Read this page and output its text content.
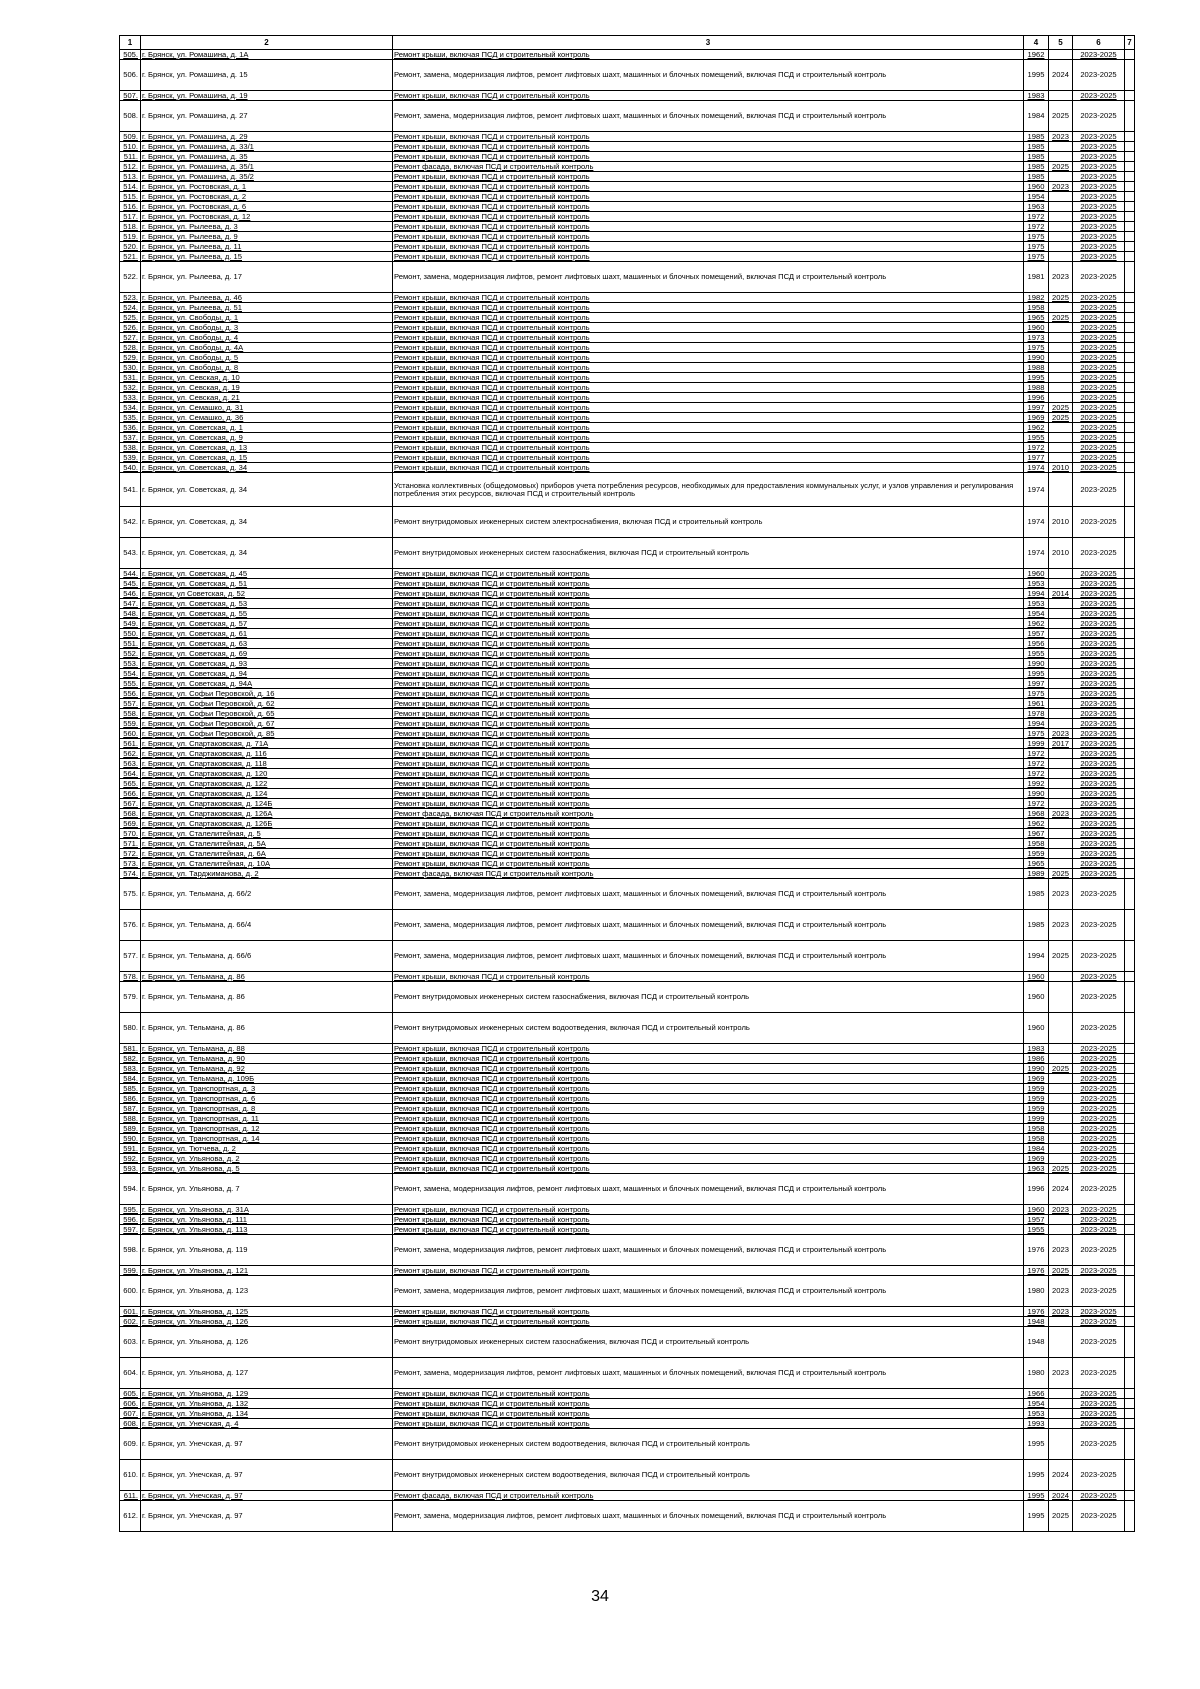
1	2	3	4	5	6	7
505.	г. Брянск, ул. Ромашина, д. 1А	Ремонт крыши, включая ПСД и строительный контроль	1962		2023-2025	
506.	г. Брянск, ул. Ромашина, д. 15	Ремонт, замена, модернизация лифтов, ремонт лифтовых шахт, машинных и блочных помещений, включая ПСД и строительный контроль	1995	2024	2023-2025	
507.	г. Брянск, ул. Ромашина, д. 19	Ремонт крыши, включая ПСД и строительный контроль	1983		2023-2025	
508.	г. Брянск, ул. Ромашина, д. 27	Ремонт, замена, модернизация лифтов, ремонт лифтовых шахт, машинных и блочных помещений, включая ПСД и строительный контроль	1984	2025	2023-2025	
509.	г. Брянск, ул. Ромашина, д. 29	Ремонт крыши, включая ПСД и строительный контроль	1985	2023	2023-2025	
510.	г. Брянск, ул. Ромашина, д. 33/1	Ремонт крыши, включая ПСД и строительный контроль	1985		2023-2025	
511.	г. Брянск, ул. Ромашина, д. 35	Ремонт крыши, включая ПСД и строительный контроль	1985		2023-2025	
512.	г. Брянск, ул. Ромашина, д. 35/1	Ремонт фасада, включая ПСД и строительный контроль	1985	2025	2023-2025	
513.	г. Брянск, ул. Ромашина, д. 35/2	Ремонт крыши, включая ПСД и строительный контроль	1985		2023-2025	
514.	г. Брянск, ул. Ростовская, д. 1	Ремонт крыши, включая ПСД и строительный контроль	1960	2023	2023-2025	
515.	г. Брянск, ул. Ростовская, д. 2	Ремонт крыши, включая ПСД и строительный контроль	1954		2023-2025	
516.	г. Брянск, ул. Ростовская, д. 6	Ремонт крыши, включая ПСД и строительный контроль	1963		2023-2025	
517.	г. Брянск, ул. Ростовская, д. 12	Ремонт крыши, включая ПСД и строительный контроль	1972		2023-2025	
518.	г. Брянск, ул. Рылеева, д. 3	Ремонт крыши, включая ПСД и строительный контроль	1972		2023-2025	
519.	г. Брянск, ул. Рылеева, д. 9	Ремонт крыши, включая ПСД и строительный контроль	1975		2023-2025	
520.	г. Брянск, ул. Рылеева, д. 11	Ремонт крыши, включая ПСД и строительный контроль	1975		2023-2025	
521.	г. Брянск, ул. Рылеева, д. 15	Ремонт крыши, включая ПСД и строительный контроль	1975		2023-2025	
522.	г. Брянск, ул. Рылеева, д. 17	Ремонт, замена, модернизация лифтов, ремонт лифтовых шахт, машинных и блочных помещений, включая ПСД и строительный контроль	1981	2023	2023-2025	
523.	г. Брянск, ул. Рылеева, д. 46	Ремонт крыши, включая ПСД и строительный контроль	1982	2025	2023-2025	
524.	г. Брянск, ул. Рылеева, д. 51	Ремонт крыши, включая ПСД и строительный контроль	1958		2023-2025	
525.	г. Брянск, ул. Свободы, д. 1	Ремонт крыши, включая ПСД и строительный контроль	1965	2025	2023-2025	
526.	г. Брянск, ул. Свободы, д. 3	Ремонт крыши, включая ПСД и строительный контроль	1960		2023-2025	
527.	г. Брянск, ул. Свободы, д. 4	Ремонт крыши, включая ПСД и строительный контроль	1973		2023-2025	
528.	г. Брянск, ул. Свободы, д. 4А	Ремонт крыши, включая ПСД и строительный контроль	1975		2023-2025	
529.	г. Брянск, ул. Свободы, д. 5	Ремонт крыши, включая ПСД и строительный контроль	1990		2023-2025	
530.	г. Брянск, ул. Свободы, д. 8	Ремонт крыши, включая ПСД и строительный контроль	1988		2023-2025	
531.	г. Брянск, ул. Севская, д. 10	Ремонт крыши, включая ПСД и строительный контроль	1995		2023-2025	
532.	г. Брянск, ул. Севская, д. 19	Ремонт крыши, включая ПСД и строительный контроль	1988		2023-2025	
533.	г. Брянск, ул. Севская, д. 21	Ремонт крыши, включая ПСД и строительный контроль	1996		2023-2025	
534.	г. Брянск, ул. Семашко, д. 31	Ремонт крыши, включая ПСД и строительный контроль	1997	2025	2023-2025	
535.	г. Брянск, ул. Семашко, д. 36	Ремонт крыши, включая ПСД и строительный контроль	1969	2025	2023-2025	
536.	г. Брянск, ул. Советская, д. 1	Ремонт крыши, включая ПСД и строительный контроль	1962		2023-2025	
537.	г. Брянск, ул. Советская, д. 9	Ремонт крыши, включая ПСД и строительный контроль	1955		2023-2025	
538.	г. Брянск, ул. Советская, д. 13	Ремонт крыши, включая ПСД и строительный контроль	1972		2023-2025	
539.	г. Брянск, ул. Советская, д. 15	Ремонт крыши, включая ПСД и строительный контроль	1977		2023-2025	
540.	г. Брянск, ул. Советская, д. 34	Ремонт крыши, включая ПСД и строительный контроль	1974	2010	2023-2025	
541.	г. Брянск, ул. Советская, д. 34	Установка коллективных (общедомовых) приборов учета потребления ресурсов, необходимых для предоставления коммунальных услуг, и узлов управления и регулирования потребления этих ресурсов, включая ПСД и строительный контроль	1974		2023-2025	
542.	г. Брянск, ул. Советская, д. 34	Ремонт внутридомовых инженерных систем электроснабжения, включая ПСД и строительный контроль	1974	2010	2023-2025	
543.	г. Брянск, ул. Советская, д. 34	Ремонт внутридомовых инженерных систем газоснабжения, включая ПСД и строительный контроль	1974	2010	2023-2025	
544.	г. Брянск, ул. Советская, д. 45	Ремонт крыши, включая ПСД и строительный контроль	1960		2023-2025	
545.	г. Брянск, ул. Советская, д. 51	Ремонт крыши, включая ПСД и строительный контроль	1953		2023-2025	
546.	г. Брянск, ул Советская, д. 52	Ремонт крыши, включая ПСД и строительный контроль	1994	2014	2023-2025	
547.	г. Брянск, ул. Советская, д. 53	Ремонт крыши, включая ПСД и строительный контроль	1953		2023-2025	
548.	г. Брянск, ул. Советская, д. 55	Ремонт крыши, включая ПСД и строительный контроль	1954		2023-2025	
549.	г. Брянск, ул. Советская, д. 57	Ремонт крыши, включая ПСД и строительный контроль	1962		2023-2025	
550.	г. Брянск, ул. Советская, д. 61	Ремонт крыши, включая ПСД и строительный контроль	1957		2023-2025	
551.	г. Брянск, ул. Советская, д. 63	Ремонт крыши, включая ПСД и строительный контроль	1956		2023-2025	
552.	г. Брянск, ул. Советская, д. 69	Ремонт крыши, включая ПСД и строительный контроль	1955		2023-2025	
553.	г. Брянск, ул. Советская, д. 93	Ремонт крыши, включая ПСД и строительный контроль	1990		2023-2025	
554.	г. Брянск, ул. Советская, д. 94	Ремонт крыши, включая ПСД и строительный контроль	1995		2023-2025	
555.	г. Брянск, ул. Советская, д. 94А	Ремонт крыши, включая ПСД и строительный контроль	1997		2023-2025	
556.	г. Брянск, ул. Софьи Перовской, д. 16	Ремонт крыши, включая ПСД и строительный контроль	1975		2023-2025	
557.	г. Брянск, ул. Софьи Перовской, д. 62	Ремонт крыши, включая ПСД и строительный контроль	1961		2023-2025	
558.	г. Брянск, ул. Софьи Перовской, д. 65	Ремонт крыши, включая ПСД и строительный контроль	1978		2023-2025	
559.	г. Брянск, ул. Софьи Перовской, д. 67	Ремонт крыши, включая ПСД и строительный контроль	1994		2023-2025	
560.	г. Брянск, ул. Софьи Перовской, д. 85	Ремонт крыши, включая ПСД и строительный контроль	1975	2023	2023-2025	
561.	г. Брянск, ул. Спартаковская, д. 71А	Ремонт крыши, включая ПСД и строительный контроль	1999	2017	2023-2025	
562.	г. Брянск, ул. Спартаковская, д. 116	Ремонт крыши, включая ПСД и строительный контроль	1972		2023-2025	
563.	г. Брянск, ул. Спартаковская, д. 118	Ремонт крыши, включая ПСД и строительный контроль	1972		2023-2025	
564.	г. Брянск, ул. Спартаковская, д. 120	Ремонт крыши, включая ПСД и строительный контроль	1972		2023-2025	
565.	г. Брянск, ул. Спартаковская, д. 122	Ремонт крыши, включая ПСД и строительный контроль	1992		2023-2025	
566.	г. Брянск, ул. Спартаковская, д. 124	Ремонт крыши, включая ПСД и строительный контроль	1990		2023-2025	
567.	г. Брянск, ул. Спартаковская, д. 124Б	Ремонт крыши, включая ПСД и строительный контроль	1972		2023-2025	
568.	г. Брянск, ул. Спартаковская, д. 126А	Ремонт фасада, включая ПСД и строительный контроль	1968	2023	2023-2025	
569.	г. Брянск, ул. Спартаковская, д. 126Б	Ремонт крыши, включая ПСД и строительный контроль	1962		2023-2025	
570.	г. Брянск, ул. Сталелитейная, д. 5	Ремонт крыши, включая ПСД и строительный контроль	1967		2023-2025	
571.	г. Брянск, ул. Сталелитейная, д. 5А	Ремонт крыши, включая ПСД и строительный контроль	1958		2023-2025	
572.	г. Брянск, ул. Сталелитейная, д. 6А	Ремонт крыши, включая ПСД и строительный контроль	1959		2023-2025	
573.	г. Брянск, ул. Сталелитейная, д. 10А	Ремонт крыши, включая ПСД и строительный контроль	1965		2023-2025	
574.	г. Брянск, ул. Тарджиманова, д. 2	Ремонт фасада, включая ПСД и строительный контроль	1989	2025	2023-2025	
575.	г. Брянск, ул. Тельмана, д. 66/2	Ремонт, замена, модернизация лифтов, ремонт лифтовых шахт, машинных и блочных помещений, включая ПСД и строительный контроль	1985	2023	2023-2025	
576.	г. Брянск, ул. Тельмана, д. 66/4	Ремонт, замена, модернизация лифтов, ремонт лифтовых шахт, машинных и блочных помещений, включая ПСД и строительный контроль	1985	2023	2023-2025	
577.	г. Брянск, ул. Тельмана, д. 66/6	Ремонт, замена, модернизация лифтов, ремонт лифтовых шахт, машинных и блочных помещений, включая ПСД и строительный контроль	1994	2025	2023-2025	
578.	г. Брянск, ул. Тельмана, д. 86	Ремонт крыши, включая ПСД и строительный контроль	1960		2023-2025	
579.	г. Брянск, ул. Тельмана, д. 86	Ремонт внутридомовых инженерных систем газоснабжения, включая ПСД и строительный контроль	1960		2023-2025	
580.	г. Брянск, ул. Тельмана, д. 86	Ремонт внутридомовых инженерных систем водоотведения, включая ПСД и строительный контроль	1960		2023-2025	
581.	г. Брянск, ул. Тельмана, д. 88	Ремонт крыши, включая ПСД и строительный контроль	1983		2023-2025	
582.	г. Брянск, ул. Тельмана, д. 90	Ремонт крыши, включая ПСД и строительный контроль	1986		2023-2025	
583.	г. Брянск, ул. Тельмана, д. 92	Ремонт крыши, включая ПСД и строительный контроль	1990	2025	2023-2025	
584.	г. Брянск, ул. Тельмана, д. 109Б	Ремонт крыши, включая ПСД и строительный контроль	1969		2023-2025	
585.	г. Брянск, ул. Транспортная, д. 3	Ремонт крыши, включая ПСД и строительный контроль	1959		2023-2025	
586.	г. Брянск, ул. Транспортная, д. 6	Ремонт крыши, включая ПСД и строительный контроль	1959		2023-2025	
587.	г. Брянск, ул. Транспортная, д. 8	Ремонт крыши, включая ПСД и строительный контроль	1959		2023-2025	
588.	г. Брянск, ул. Транспортная, д. 11	Ремонт крыши, включая ПСД и строительный контроль	1999		2023-2025	
589.	г. Брянск, ул. Транспортная, д. 12	Ремонт крыши, включая ПСД и строительный контроль	1958		2023-2025	
590.	г. Брянск, ул. Транспортная, д. 14	Ремонт крыши, включая ПСД и строительный контроль	1958		2023-2025	
591.	г. Брянск, ул. Тютчева, д. 2	Ремонт крыши, включая ПСД и строительный контроль	1984		2023-2025	
592.	г. Брянск, ул. Ульянова, д. 2	Ремонт крыши, включая ПСД и строительный контроль	1969		2023-2025	
593.	г. Брянск, ул. Ульянова, д. 5	Ремонт крыши, включая ПСД и строительный контроль	1963	2025	2023-2025	
594.	г. Брянск, ул. Ульянова, д. 7	Ремонт, замена, модернизация лифтов, ремонт лифтовых шахт, машинных и блочных помещений, включая ПСД и строительный контроль	1996	2024	2023-2025	
595.	г. Брянск, ул. Ульянова, д. 31А	Ремонт крыши, включая ПСД и строительный контроль	1960	2023	2023-2025	
596.	г. Брянск, ул. Ульянова, д. 111	Ремонт крыши, включая ПСД и строительный контроль	1957		2023-2025	
597.	г. Брянск, ул. Ульянова, д. 113	Ремонт крыши, включая ПСД и строительный контроль	1955		2023-2025	
598.	г. Брянск, ул. Ульянова, д. 119	Ремонт, замена, модернизация лифтов, ремонт лифтовых шахт, машинных и блочных помещений, включая ПСД и строительный контроль	1976	2023	2023-2025	
599.	г. Брянск, ул. Ульянова, д. 121	Ремонт крыши, включая ПСД и строительный контроль	1976	2025	2023-2025	
600.	г. Брянск, ул. Ульянова, д. 123	Ремонт, замена, модернизация лифтов, ремонт лифтовых шахт, машинных и блочных помещений, включая ПСД и строительный контроль	1980	2023	2023-2025	
601.	г. Брянск, ул. Ульянова, д. 125	Ремонт крыши, включая ПСД и строительный контроль	1976	2023	2023-2025	
602.	г. Брянск, ул. Ульянова, д. 126	Ремонт крыши, включая ПСД и строительный контроль	1948		2023-2025	
603.	г. Брянск, ул. Ульянова, д. 126	Ремонт внутридомовых инженерных систем газоснабжения, включая ПСД и строительный контроль	1948		2023-2025	
604.	г. Брянск, ул. Ульянова, д. 127	Ремонт, замена, модернизация лифтов, ремонт лифтовых шахт, машинных и блочных помещений, включая ПСД и строительный контроль	1980	2023	2023-2025	
605.	г. Брянск, ул. Ульянова, д. 129	Ремонт крыши, включая ПСД и строительный контроль	1966		2023-2025	
606.	г. Брянск, ул. Ульянова, д. 132	Ремонт крыши, включая ПСД и строительный контроль	1954		2023-2025	
607.	г. Брянск, ул. Ульянова, д. 134	Ремонт крыши, включая ПСД и строительный контроль	1953		2023-2025	
608.	г. Брянск, ул. Унечская, д. 4	Ремонт крыши, включая ПСД и строительный контроль	1993		2023-2025	
609.	г. Брянск, ул. Унечская, д. 97	Ремонт внутридомовых инженерных систем водоотведения, включая ПСД и строительный контроль	1995		2023-2025	
610.	г. Брянск, ул. Унечская, д. 97	Ремонт внутридомовых инженерных систем водоотведения, включая ПСД и строительный контроль	1995	2024	2023-2025	
611.	г. Брянск, ул. Унечская, д. 97	Ремонт фасада, включая ПСД и строительный контроль	1995	2024	2023-2025	
612.	г. Брянск, ул. Унечская, д. 97	Ремонт, замена, модернизация лифтов, ремонт лифтовых шахт, машинных и блочных помещений, включая ПСД и строительный контроль	1995	2025	2023-2025	
34
